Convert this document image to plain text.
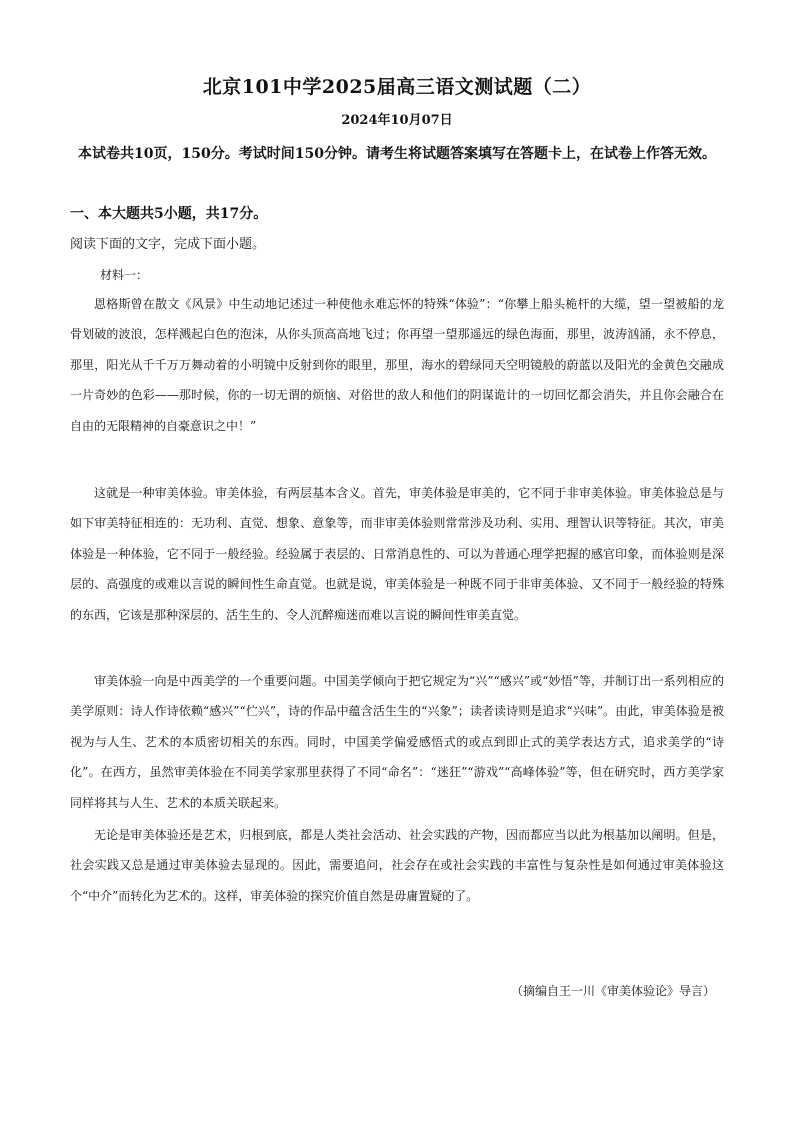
北京101中学2025届高三语文测试题（二）
2024年10月07日
本试卷共10页，150分。考试时间150分钟。请考生将试题答案填写在答题卡上，在试卷上作答无效。
一、本大题共5小题，共17分。
阅读下面的文字，完成下面小题。
材料一：

恩格斯曾在散文《风景》中生动地记述过一种使他永难忘怀的特殊“体验”：“你攀上船头桅杆的大缆，望一望被船的龙骨划破的波浪，怎样溅起白色的泡沫，从你头顶高高地飞过；你再望一望那遥远的绿色海面，那里，波涛汹涌，永不停息，那里，阳光从千千万万舞动着的小明镜中反射到你的眼里，那里，海水的碧绿同天空明镜般的蔚蓝以及阳光的金黄色交融成一片奇妙的色彩——那时候，你的一切无谓的烦恼、对俗世的敌人和他们的阴谋诡计的一切回忆都会消失，并且你会融合在自由的无限精神的自豪意识之中！”

这就是一种审美体验。审美体验，有两层基本含义。首先，审美体验是审美的，它不同于非审美体验。审美体验总是与如下审美特征相连的：无功利、直觉、想象、意象等，而非审美体验则常常涉及功利、实用、理智认识等特征。其次，审美体验是一种体验，它不同于一般经验。经验属于表层的、日常消息性的、可以为普通心理学把握的感官印象，而体验则是深层的、高强度的或难以言说的瞬间性生命直觉。也就是说，审美体验是一种既不同于非审美体验、又不同于一般经验的特殊的东西，它该是那种深层的、活生生的、令人沉醉痴迷而难以言说的瞬间性审美直觉。

审美体验一向是中西美学的一个重要问题。中国美学倾向于把它规定为“兴”“感兴”或“妙悟”等，并制订出一系列相应的美学原则：诗人作诗依赖“感兴”“伫兴”，诗的作品中蕴含活生生的“兴象”；读者读诗则是追求“兴味”。由此，审美体验是被视为与人生、艺术的本质密切相关的东西。同时，中国美学偏爱感悟式的或点到即止式的美学表达方式，追求美学的“诗化”。在西方，虽然审美体验在不同美学家那里获得了不同“命名”：“迷狂”“游戏”“高峰体验”等，但在研究时，西方美学家同样将其与人生、艺术的本质关联起来。

无论是审美体验还是艺术，归根到底，都是人类社会活动、社会实践的产物，因而都应当以此为根基加以阐明。但是，社会实践又总是通过审美体验去显现的。因此，需要追问，社会存在或社会实践的丰富性与复杂性是如何通过审美体验这个“中介”而转化为艺术的。这样，审美体验的探究价值自然是毋庸置疑的了。

（摘编自王一川《审美体验论》导言）
